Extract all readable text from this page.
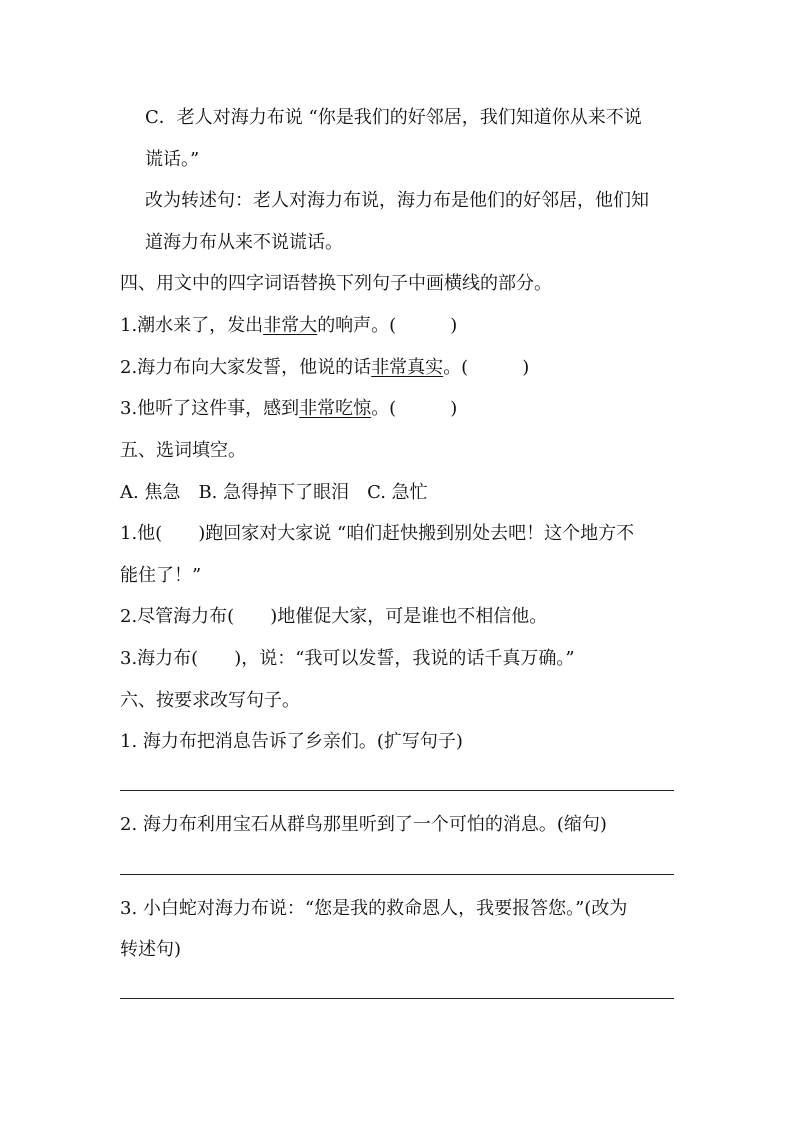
C．老人对海力布说 “你是我们的好邻居，我们知道你从来不说
谎话。”
改为转述句：老人对海力布说，海力布是他们的好邻居，他们知
道海力布从来不说谎话。
四、用文中的四字词语替换下列句子中画横线的部分。
1.潮水来了，发出非常大的响声。(　　　)
2.海力布向大家发誓，他说的话非常真实。(　　　)
3.他听了这件事，感到非常吃惊。(　　　)
五、选词填空。
A. 焦急　B. 急得掉下了眼泪　C. 急忙
1.他(　　)跑回家对大家说 “咱们赶快搬到别处去吧！这个地方不
能住了！”
2.尽管海力布(　　)地催促大家，可是谁也不相信他。
3.海力布(　　)，说：“我可以发誓，我说的话千真万确。”
六、按要求改写句子。
1. 海力布把消息告诉了乡亲们。(扩写句子)
2. 海力布利用宝石从群鸟那里听到了一个可怕的消息。(缩句)
3. 小白蛇对海力布说：“您是我的救命恩人，我要报答您。”(改为
转述句)
